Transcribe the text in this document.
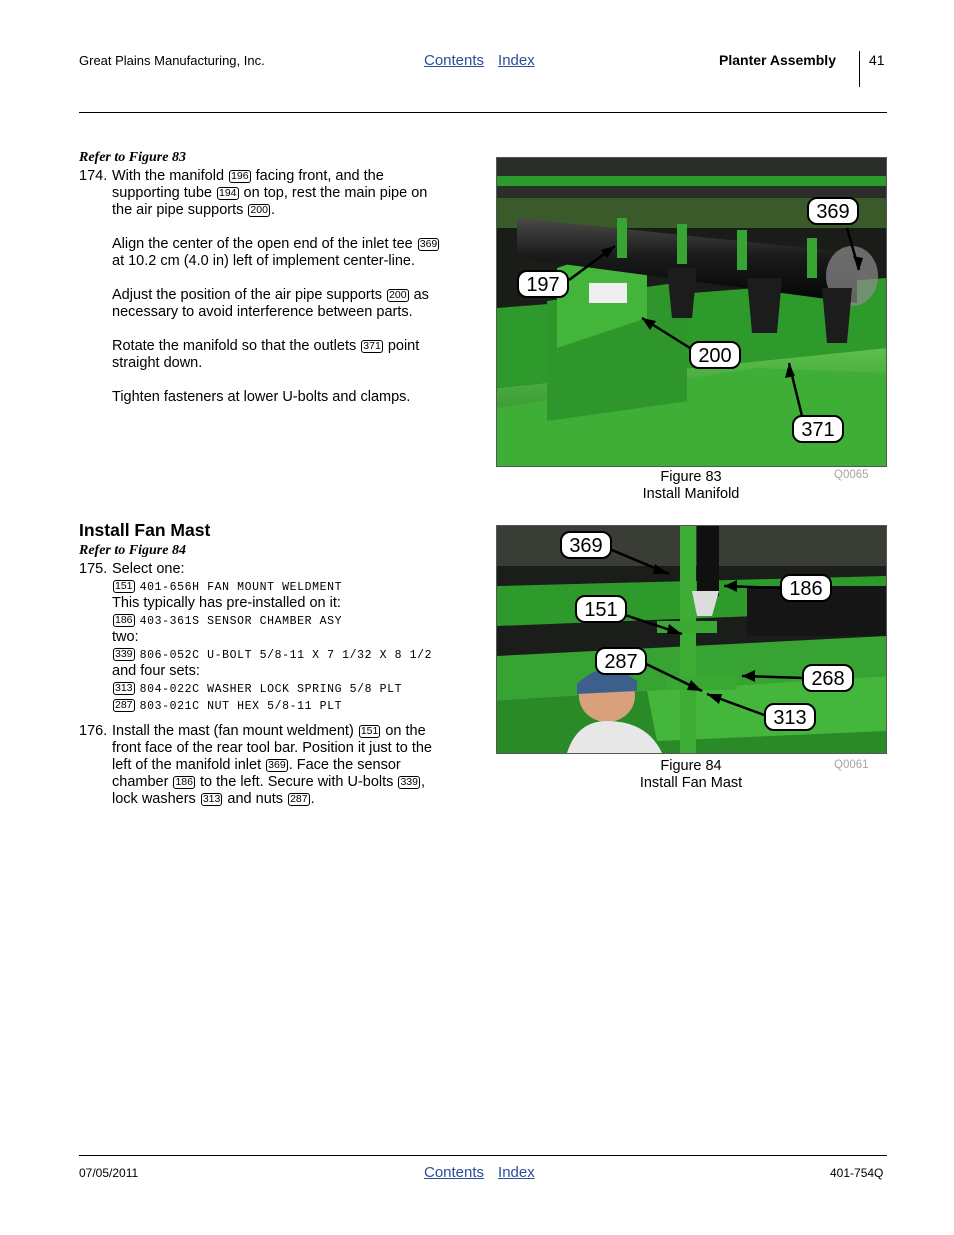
Great Plains Manufacturing, Inc.	Contents Index	Planter Assembly 41
Refer to Figure 83
174. With the manifold 196 facing front, and the
supporting tube 194 on top, rest the main pipe on
the air pipe supports 200 .
Align the center of the open end of the inlet tee 369
at 10.2 cm (4.0 in) left of implement center-line.
Adjust the position of the air pipe supports 200 as
necessary to avoid interference between parts.
Rotate the manifold so that the outlets 371 point
straight down.
Tighten fasteners at lower U-bolts and clamps.
369
197
200
371
Figure 83
Install Manifold
Q0065
Install Fan Mast
Refer to Figure 84
175. Select one:
151 401-656H FAN MOUNT WELDMENT
This typically has pre-installed on it:
186 403-361S SENSOR CHAMBER ASY
two:
339 806-052C U-BOLT 5/8-11 X 7 1/32 X 8 1/2
and four sets:
313 804-022C WASHER LOCK SPRING 5/8 PLT
287 803-021C NUT HEX 5/8-11 PLT
176. Install the mast (fan mount weldment) 151 on the
front face of the rear tool bar. Position it just to the
left of the manifold inlet 369 . Face the sensor
chamber 186 to the left. Secure with U-bolts 339 ,
lock washers 313 and nuts 287 .
369
186
151
287
268
313
Figure 84
Install Fan Mast
Q0061
07/05/2011	Contents Index	401-754Q
